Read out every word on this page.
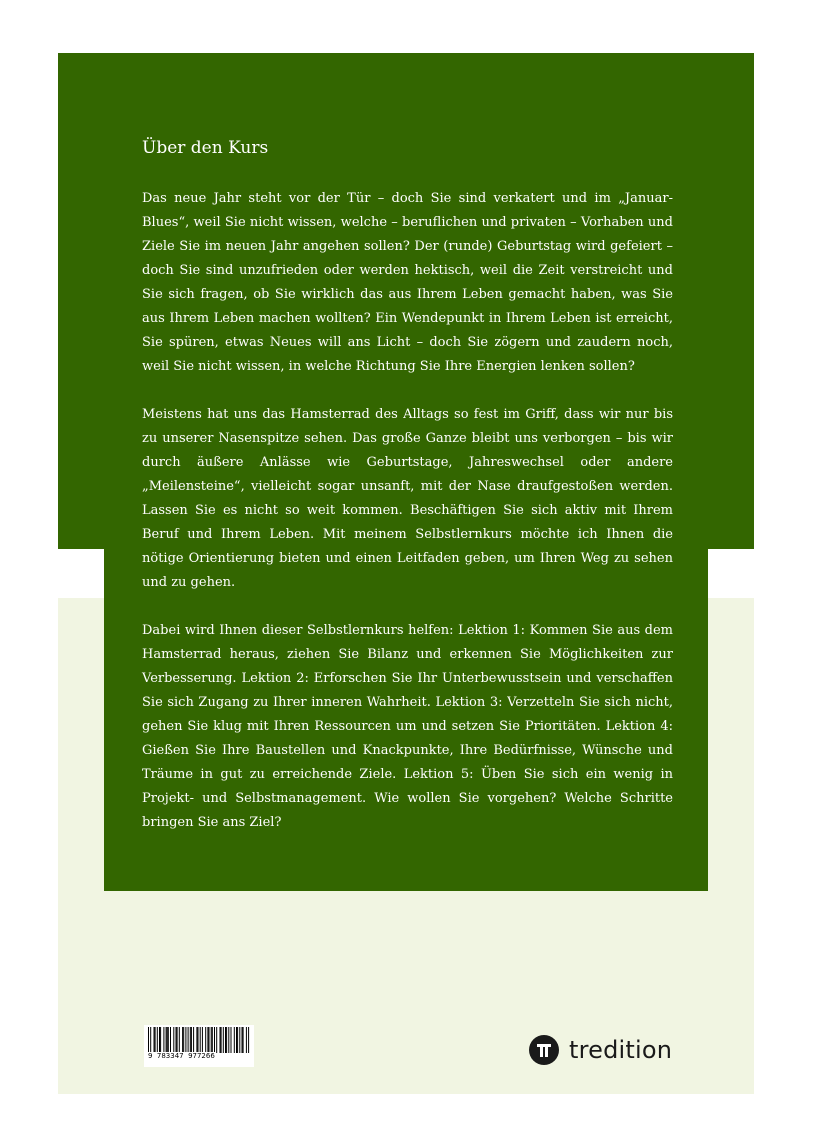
Über den Kurs

Das neue Jahr steht vor der Tür – doch Sie sind verkatert und im „Januar-Blues“, weil Sie nicht wissen, welche – beruflichen und privaten – Vorhaben und Ziele Sie im neuen Jahr angehen sollen? Der (runde) Geburtstag wird gefeiert – doch Sie sind unzufrieden oder werden hektisch, weil die Zeit verstreicht und Sie sich fragen, ob Sie wirklich das aus Ihrem Leben gemacht haben, was Sie aus Ihrem Leben machen wollten? Ein Wendepunkt in Ihrem Leben ist erreicht, Sie spüren, etwas Neues will ans Licht – doch Sie zögern und zaudern noch, weil Sie nicht wissen, in welche Richtung Sie Ihre Energien lenken sollen?

Meistens hat uns das Hamsterrad des Alltags so fest im Griff, dass wir nur bis zu unserer Nasenspitze sehen. Das große Ganze bleibt uns verborgen – bis wir durch äußere Anlässe wie Geburtstage, Jahreswechsel oder andere „Meilensteine“, vielleicht sogar unsanft, mit der Nase draufgestoßen werden. Lassen Sie es nicht so weit kommen. Beschäftigen Sie sich aktiv mit Ihrem Beruf und Ihrem Leben. Mit meinem Selbstlernkurs möchte ich Ihnen die nötige Orientierung bieten und einen Leitfaden geben, um Ihren Weg zu sehen und zu gehen.

Dabei wird Ihnen dieser Selbstlernkurs helfen: Lektion 1: Kommen Sie aus dem Hamsterrad heraus, ziehen Sie Bilanz und erkennen Sie Möglichkeiten zur Verbesserung. Lektion 2: Erforschen Sie Ihr Unterbewusstsein und verschaffen Sie sich Zugang zu Ihrer inneren Wahrheit. Lektion 3: Verzetteln Sie sich nicht, gehen Sie klug mit Ihren Ressourcen um und setzen Sie Prioritäten. Lektion 4: Gießen Sie Ihre Baustellen und Knackpunkte, Ihre Bedürfnisse, Wünsche und Träume in gut zu erreichende Ziele. Lektion 5: Üben Sie sich ein wenig in Projekt- und Selbstmanagement. Wie wollen Sie vorgehen? Welche Schritte bringen Sie ans Ziel?

9  783347  977266	tredition
